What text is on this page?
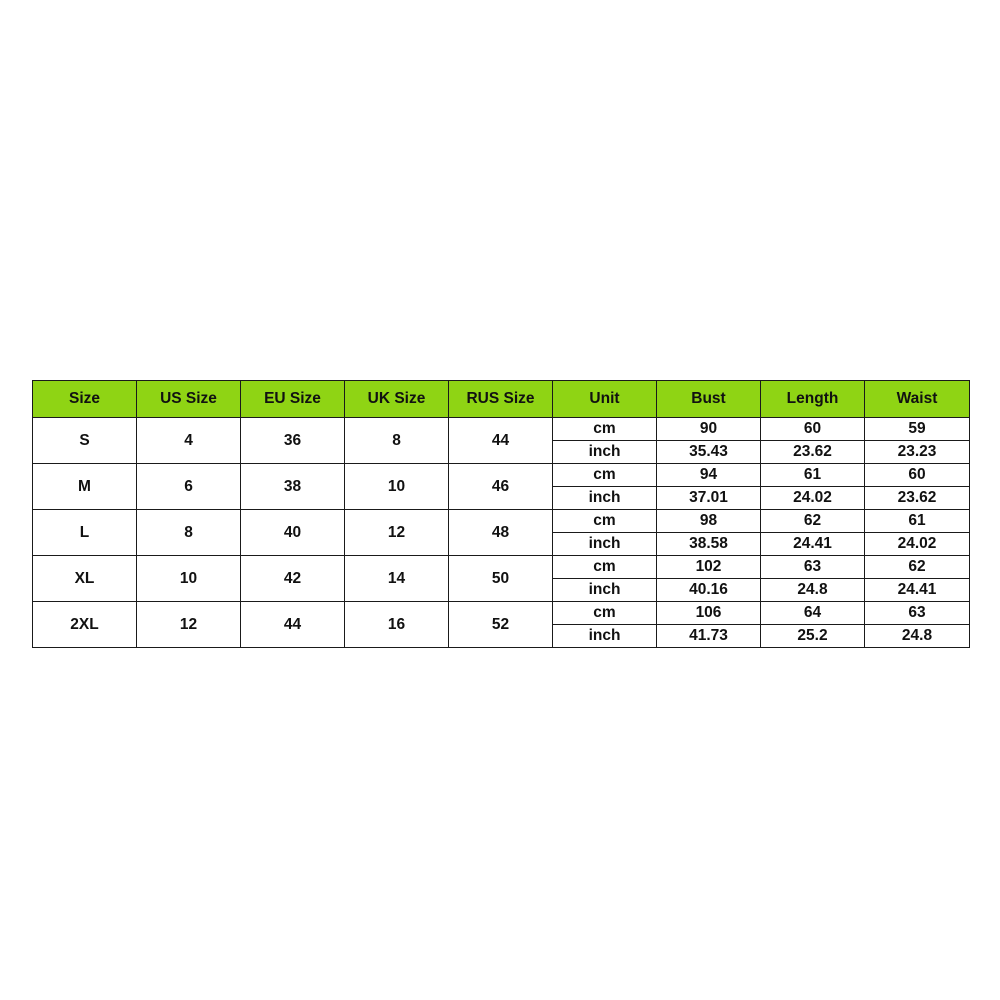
Size	US Size	EU Size	UK Size	RUS Size	Unit	Bust	Length	Waist
S	4	36	8	44	cm	90	60	59
					inch	35.43	23.62	23.23
M	6	38	10	46	cm	94	61	60
					inch	37.01	24.02	23.62
L	8	40	12	48	cm	98	62	61
					inch	38.58	24.41	24.02
XL	10	42	14	50	cm	102	63	62
					inch	40.16	24.8	24.41
2XL	12	44	16	52	cm	106	64	63
					inch	41.73	25.2	24.8
